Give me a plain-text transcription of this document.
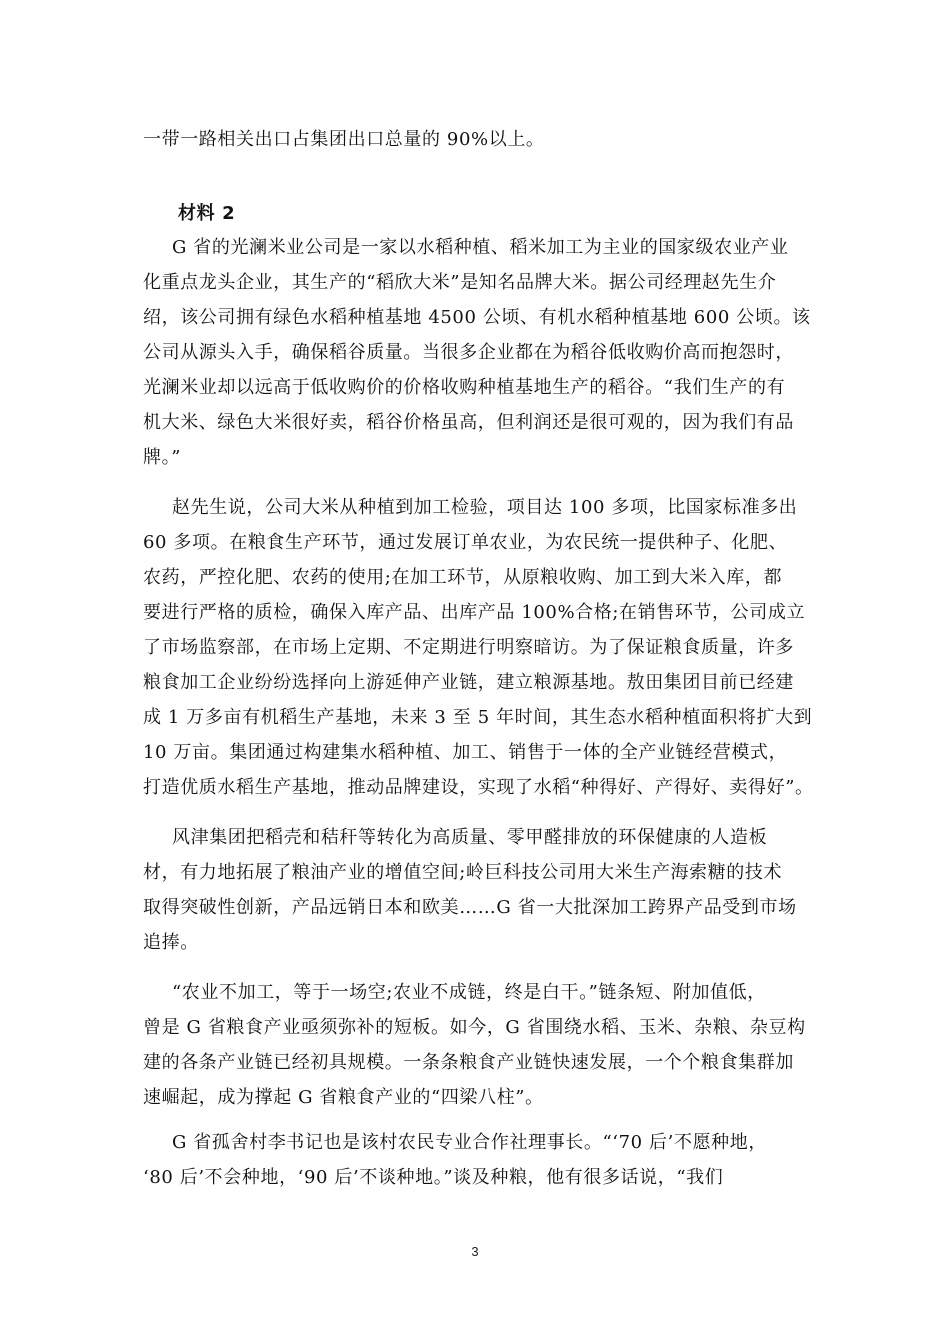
一带一路相关出口占集团出口总量的 90%以上。
材料 2
G 省的光澜米业公司是一家以水稻种植、稻米加工为主业的国家级农业产业
化重点龙头企业，其生产的“稻欣大米”是知名品牌大米。据公司经理赵先生介
绍，该公司拥有绿色水稻种植基地 4500 公顷、有机水稻种植基地 600 公顷。该
公司从源头入手，确保稻谷质量。当很多企业都在为稻谷低收购价高而抱怨时，
光澜米业却以远高于低收购价的价格收购种植基地生产的稻谷。“我们生产的有
机大米、绿色大米很好卖，稻谷价格虽高，但利润还是很可观的，因为我们有品
牌。”
赵先生说，公司大米从种植到加工检验，项目达 100 多项，比国家标准多出
60 多项。在粮食生产环节，通过发展订单农业，为农民统一提供种子、化肥、
农药，严控化肥、农药的使用;在加工环节，从原粮收购、加工到大米入库，都
要进行严格的质检，确保入库产品、出库产品 100%合格;在销售环节，公司成立
了市场监察部，在市场上定期、不定期进行明察暗访。为了保证粮食质量，许多
粮食加工企业纷纷选择向上游延伸产业链，建立粮源基地。敖田集团目前已经建
成 1 万多亩有机稻生产基地，未来 3 至 5 年时间，其生态水稻种植面积将扩大到
10 万亩。集团通过构建集水稻种植、加工、销售于一体的全产业链经营模式，
打造优质水稻生产基地，推动品牌建设，实现了水稻“种得好、产得好、卖得好”。
风津集团把稻壳和秸秆等转化为高质量、零甲醛排放的环保健康的人造板
材，有力地拓展了粮油产业的增值空间;岭巨科技公司用大米生产海索糖的技术
取得突破性创新，产品远销日本和欧美……G 省一大批深加工跨界产品受到市场
追捧。
“农业不加工，等于一场空;农业不成链，终是白干。”链条短、附加值低，
曾是 G 省粮食产业亟须弥补的短板。如今，G 省围绕水稻、玉米、杂粮、杂豆构
建的各条产业链已经初具规模。一条条粮食产业链快速发展，一个个粮食集群加
速崛起，成为撑起 G 省粮食产业的“四梁八柱”。
G 省孤舍村李书记也是该村农民专业合作社理事长。“‘70 后’不愿种地，
‘80 后’不会种地，‘90 后’不谈种地。”谈及种粮，他有很多话说，“我们
3
